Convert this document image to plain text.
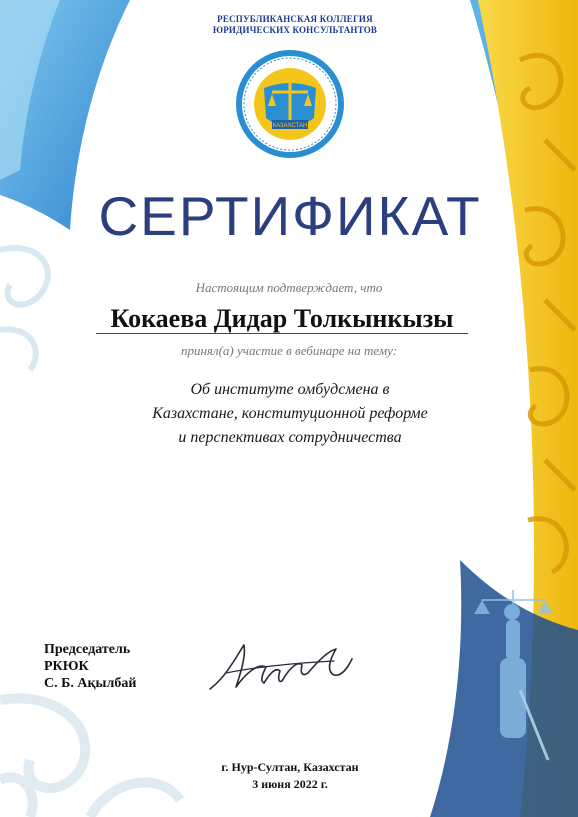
РЕСПУБЛИКАНСКАЯ КОЛЛЕГИЯ
ЮРИДИЧЕСКИХ КОНСУЛЬТАНТОВ
КАЗАХСТАН
СЕРТИФИКАТ
Настоящим подтверждает, что
Кокаева Дидар Толкынкызы
принял(а) участие в вебинаре на тему:
Об институте омбудсмена в
Казахстане, конституционной реформе
и перспективах сотрудничества
Председатель
РКЮК
С. Б. Ақылбай
г. Нур-Султан, Казахстан
3 июня 2022 г.
